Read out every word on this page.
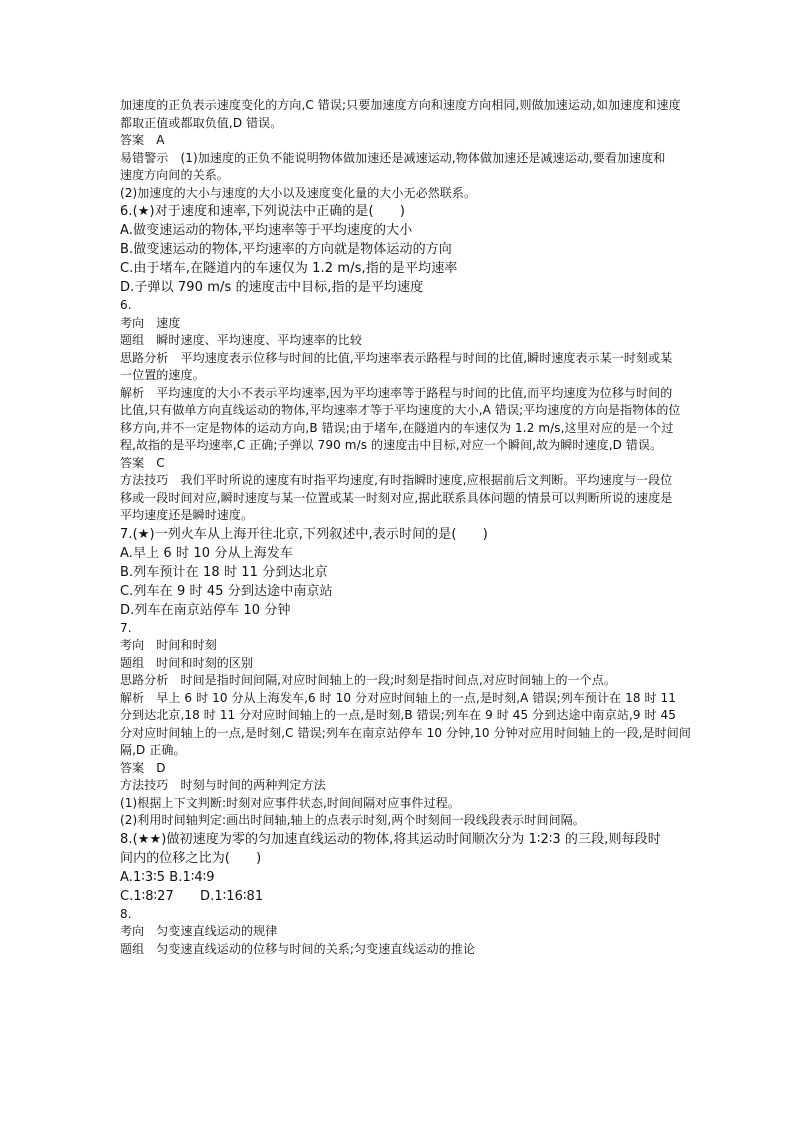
加速度的正负表示速度变化的方向,C 错误;只要加速度方向和速度方向相同,则做加速运动,如加速度和速度
都取正值或都取负值,D 错误。
答案　A
易错警示　(1)加速度的正负不能说明物体做加速还是减速运动,物体做加速还是减速运动,要看加速度和
速度方向间的关系。
(2)加速度的大小与速度的大小以及速度变化量的大小无必然联系。
6.(★)对于速度和速率,下列说法中正确的是(　　)
A.做变速运动的物体,平均速率等于平均速度的大小
B.做变速运动的物体,平均速率的方向就是物体运动的方向
C.由于堵车,在隧道内的车速仅为 1.2 m/s,指的是平均速率
D.子弹以 790 m/s 的速度击中目标,指的是平均速度
6.
考向　速度
题组　瞬时速度、平均速度、平均速率的比较
思路分析　平均速度表示位移与时间的比值,平均速率表示路程与时间的比值,瞬时速度表示某一时刻或某
一位置的速度。
解析　平均速度的大小不表示平均速率,因为平均速率等于路程与时间的比值,而平均速度为位移与时间的
比值,只有做单方向直线运动的物体,平均速率才等于平均速度的大小,A 错误;平均速度的方向是指物体的位
移方向,并不一定是物体的运动方向,B 错误;由于堵车,在隧道内的车速仅为 1.2 m/s,这里对应的是一个过
程,故指的是平均速率,C 正确;子弹以 790 m/s 的速度击中目标,对应一个瞬间,故为瞬时速度,D 错误。
答案　C
方法技巧　我们平时所说的速度有时指平均速度,有时指瞬时速度,应根据前后文判断。平均速度与一段位
移或一段时间对应,瞬时速度与某一位置或某一时刻对应,据此联系具体问题的情景可以判断所说的速度是
平均速度还是瞬时速度。
7.(★)一列火车从上海开往北京,下列叙述中,表示时间的是(　　)
A.早上 6 时 10 分从上海发车
B.列车预计在 18 时 11 分到达北京
C.列车在 9 时 45 分到达途中南京站
D.列车在南京站停车 10 分钟
7.
考向　时间和时刻
题组　时间和时刻的区别
思路分析　时间是指时间间隔,对应时间轴上的一段;时刻是指时间点,对应时间轴上的一个点。
解析　早上 6 时 10 分从上海发车,6 时 10 分对应时间轴上的一点,是时刻,A 错误;列车预计在 18 时 11
分到达北京,18 时 11 分对应时间轴上的一点,是时刻,B 错误;列车在 9 时 45 分到达途中南京站,9 时 45
分对应时间轴上的一点,是时刻,C 错误;列车在南京站停车 10 分钟,10 分钟对应用时间轴上的一段,是时间间
隔,D 正确。
答案　D
方法技巧　时刻与时间的两种判定方法
(1)根据上下文判断:时刻对应事件状态,时间间隔对应事件过程。
(2)利用时间轴判定:画出时间轴,轴上的点表示时刻,两个时刻间一段线段表示时间间隔。
8.(★★)做初速度为零的匀加速直线运动的物体,将其运动时间顺次分为 1∶2∶3 的三段,则每段时
间内的位移之比为(　　)
A.1∶3∶5 B.1∶4∶9
C.1∶8∶27　　D.1∶16∶81
8.
考向　匀变速直线运动的规律
题组　匀变速直线运动的位移与时间的关系;匀变速直线运动的推论
